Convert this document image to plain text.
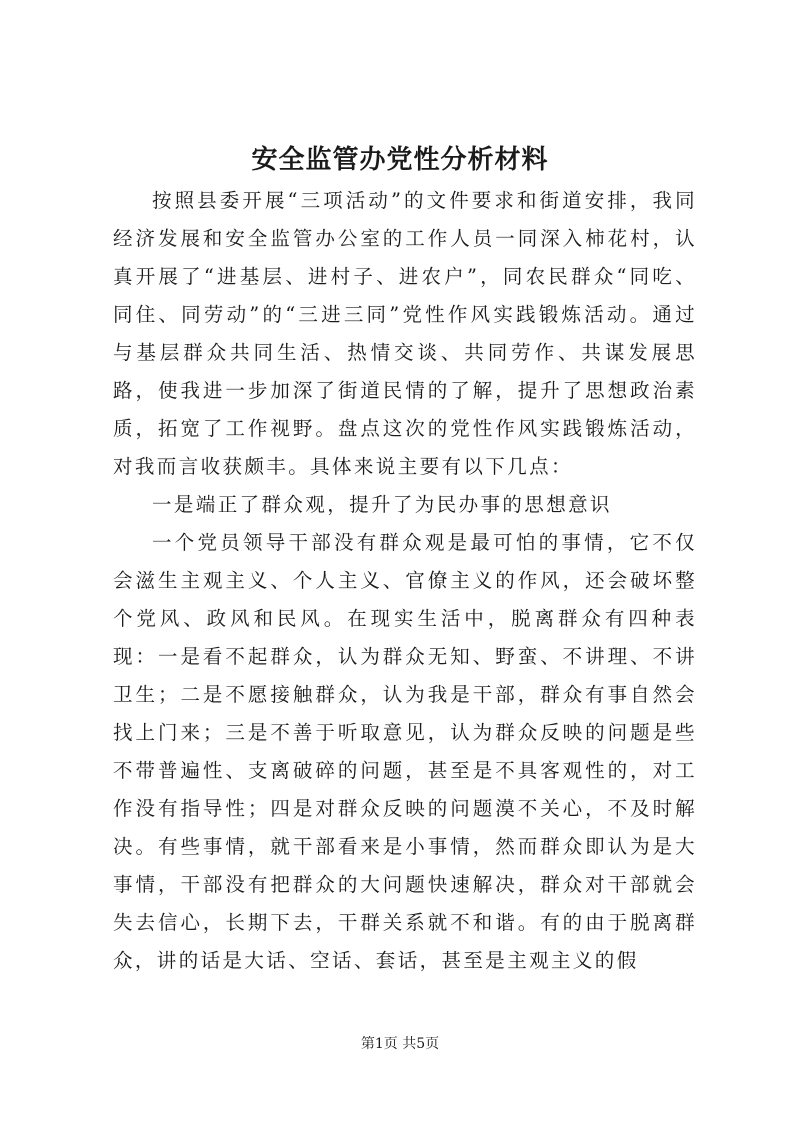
安全监管办党性分析材料

按照县委开展“三项活动”的文件要求和街道安排，我同经济发展和安全监管办公室的工作人员一同深入柿花村，认真开展了“进基层、进村子、进农户”，同农民群众“同吃、同住、同劳动”的“三进三同”党性作风实践锻炼活动。通过与基层群众共同生活、热情交谈、共同劳作、共谋发展思路，使我进一步加深了街道民情的了解，提升了思想政治素质，拓宽了工作视野。盘点这次的党性作风实践锻炼活动，对我而言收获颇丰。具体来说主要有以下几点：

一是端正了群众观，提升了为民办事的思想意识

一个党员领导干部没有群众观是最可怕的事情，它不仅会滋生主观主义、个人主义、官僚主义的作风，还会破坏整个党风、政风和民风。在现实生活中，脱离群众有四种表现：一是看不起群众，认为群众无知、野蛮、不讲理、不讲卫生；二是不愿接触群众，认为我是干部，群众有事自然会找上门来；三是不善于听取意见，认为群众反映的问题是些不带普遍性、支离破碎的问题，甚至是不具客观性的，对工作没有指导性；四是对群众反映的问题漠不关心，不及时解决。有些事情，就干部看来是小事情，然而群众即认为是大事情，干部没有把群众的大问题快速解决，群众对干部就会失去信心，长期下去，干群关系就不和谐。有的由于脱离群众，讲的话是大话、空话、套话，甚至是主观主义的假

第1页 共5页
